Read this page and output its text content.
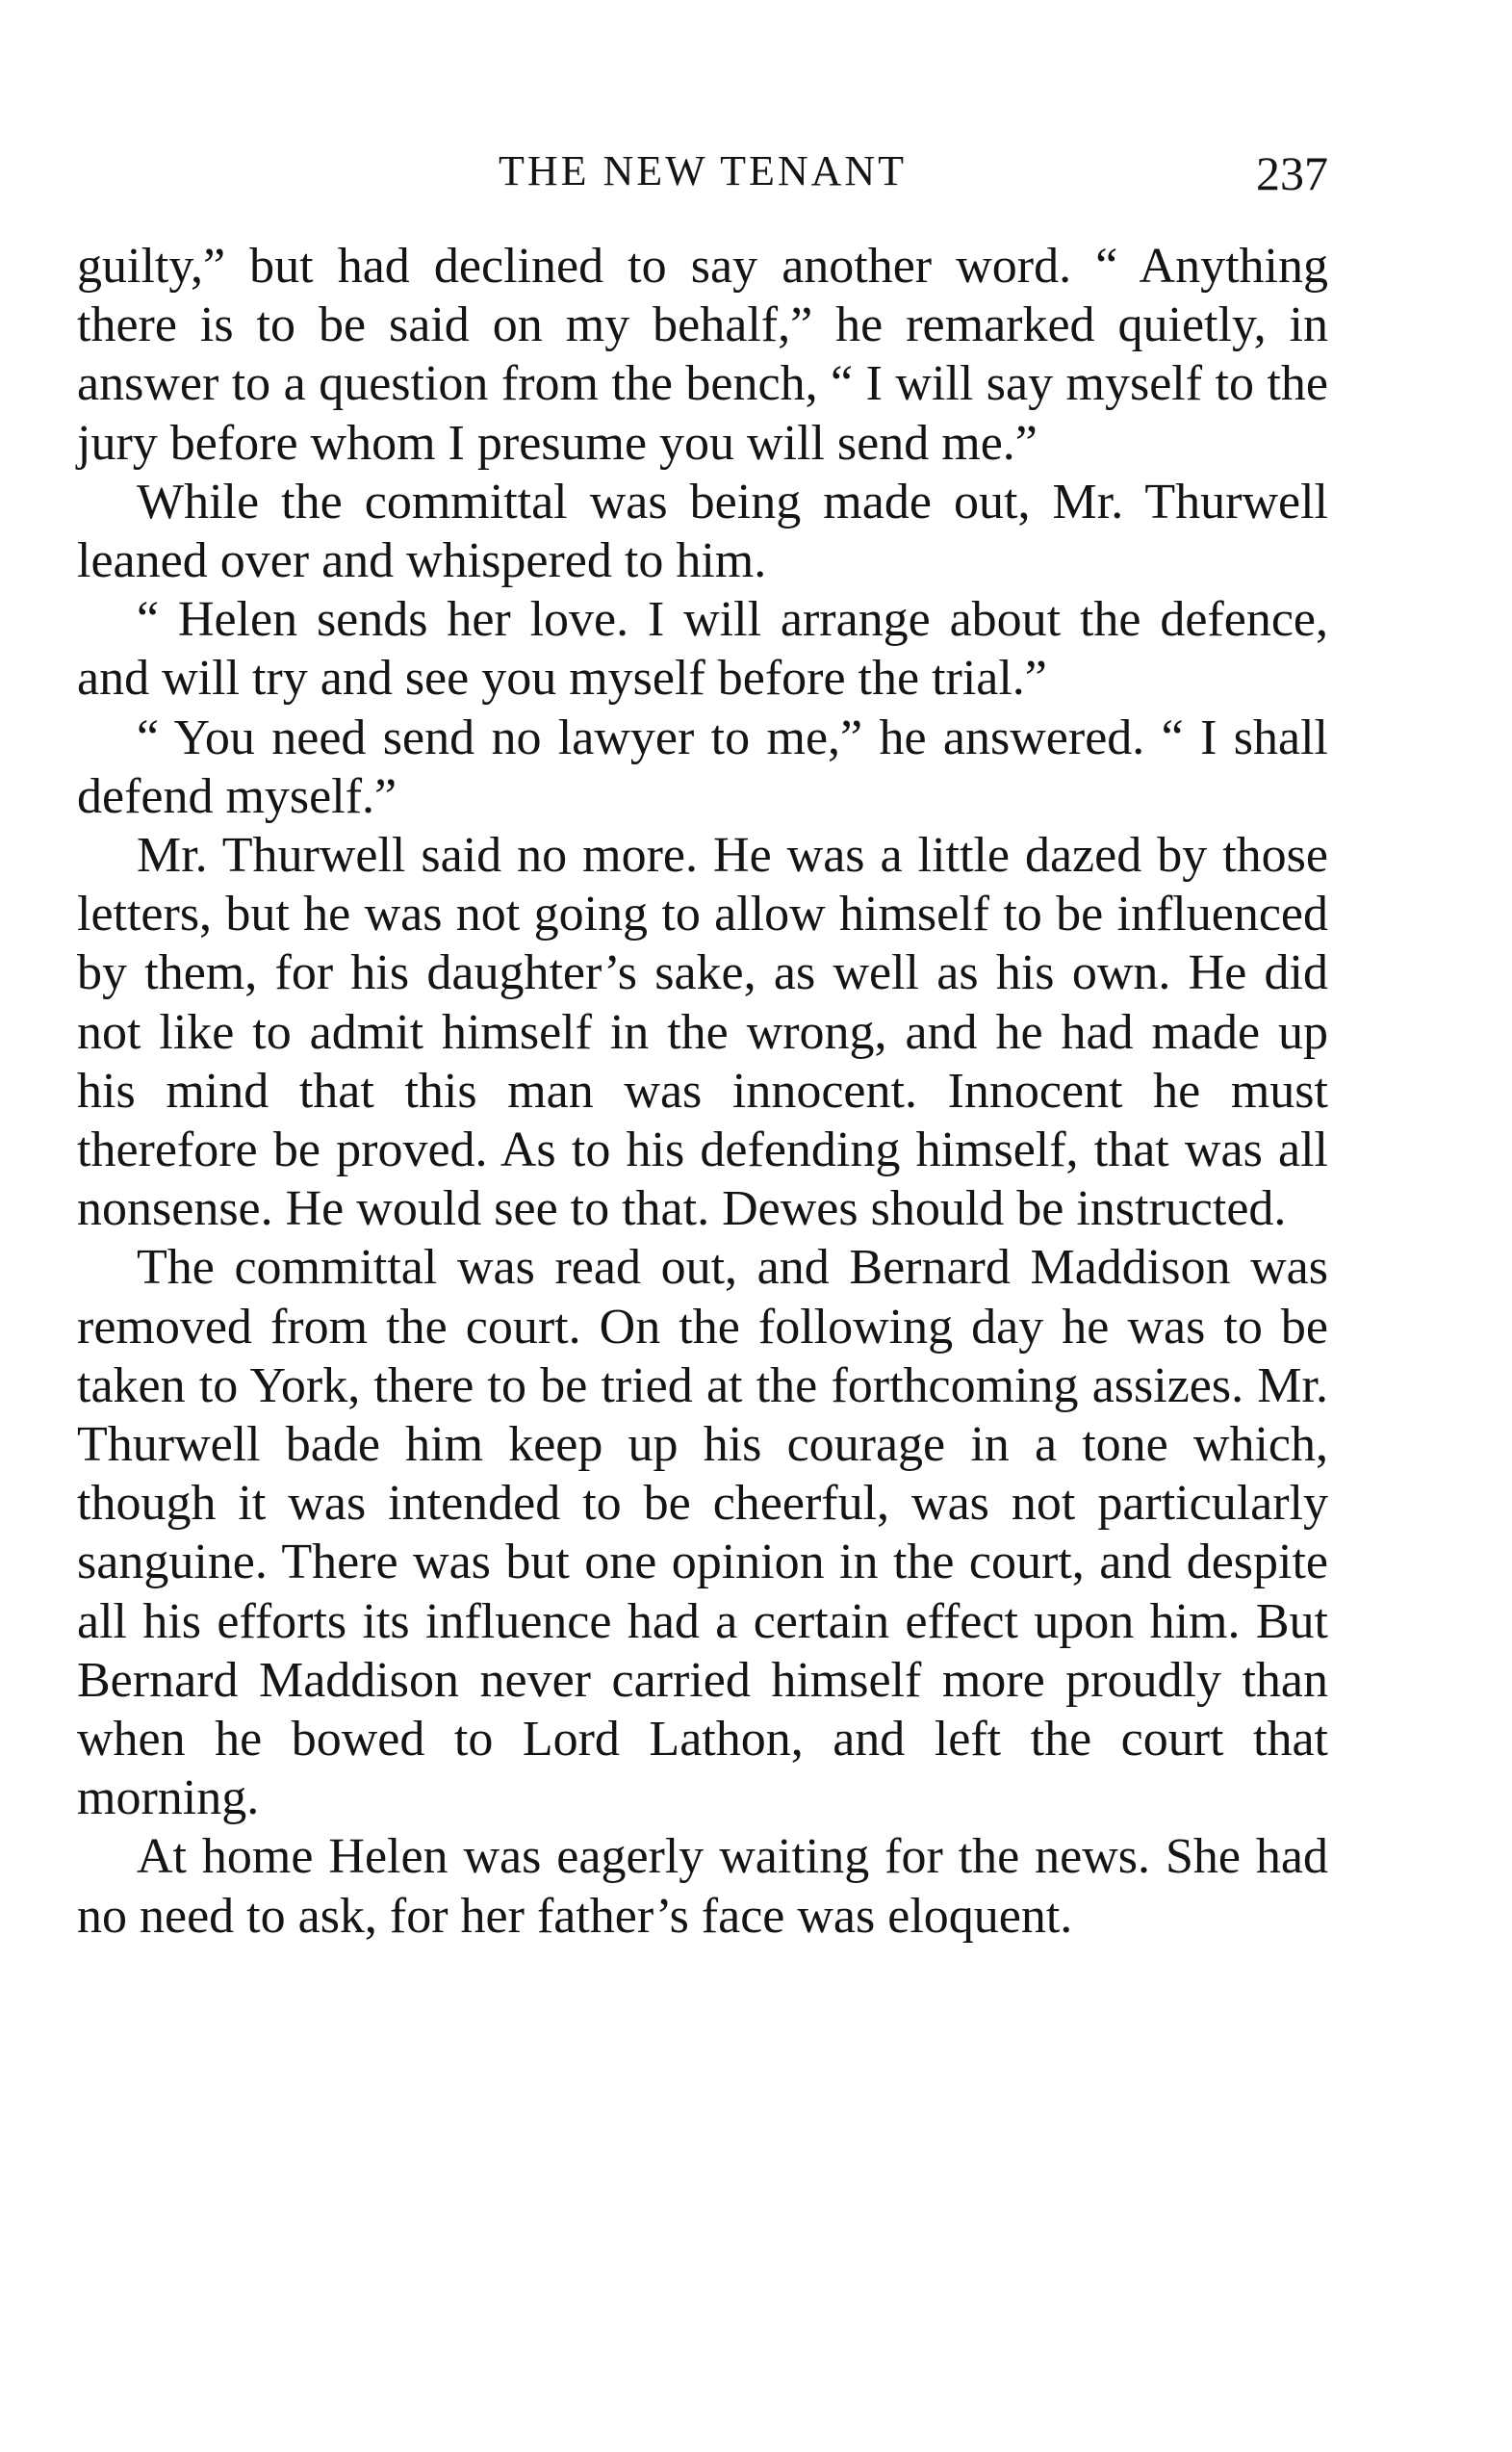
THE NEW TENANT	237

guilty,” but had declined to say another word. “ Anything there is to be said on my behalf,” he remarked quietly, in answer to a question from the bench, “ I will say myself to the jury before whom I presume you will send me.”

While the committal was being made out, Mr. Thurwell leaned over and whispered to him.

“ Helen sends her love. I will arrange about the defence, and will try and see you myself before the trial.”

“ You need send no lawyer to me,” he answered. “ I shall defend myself.”

Mr. Thurwell said no more. He was a little dazed by those letters, but he was not going to allow himself to be influenced by them, for his daughter’s sake, as well as his own. He did not like to admit himself in the wrong, and he had made up his mind that this man was innocent. Innocent he must therefore be proved. As to his defending himself, that was all nonsense. He would see to that. Dewes should be instructed.

The committal was read out, and Bernard Maddison was removed from the court. On the following day he was to be taken to York, there to be tried at the forthcoming assizes. Mr. Thurwell bade him keep up his courage in a tone which, though it was intended to be cheerful, was not particularly sanguine. There was but one opinion in the court, and despite all his efforts its influence had a certain effect upon him. But Bernard Maddison never carried himself more proudly than when he bowed to Lord Lathon, and left the court that morning.

At home Helen was eagerly waiting for the news. She had no need to ask, for her father’s face was eloquent.
